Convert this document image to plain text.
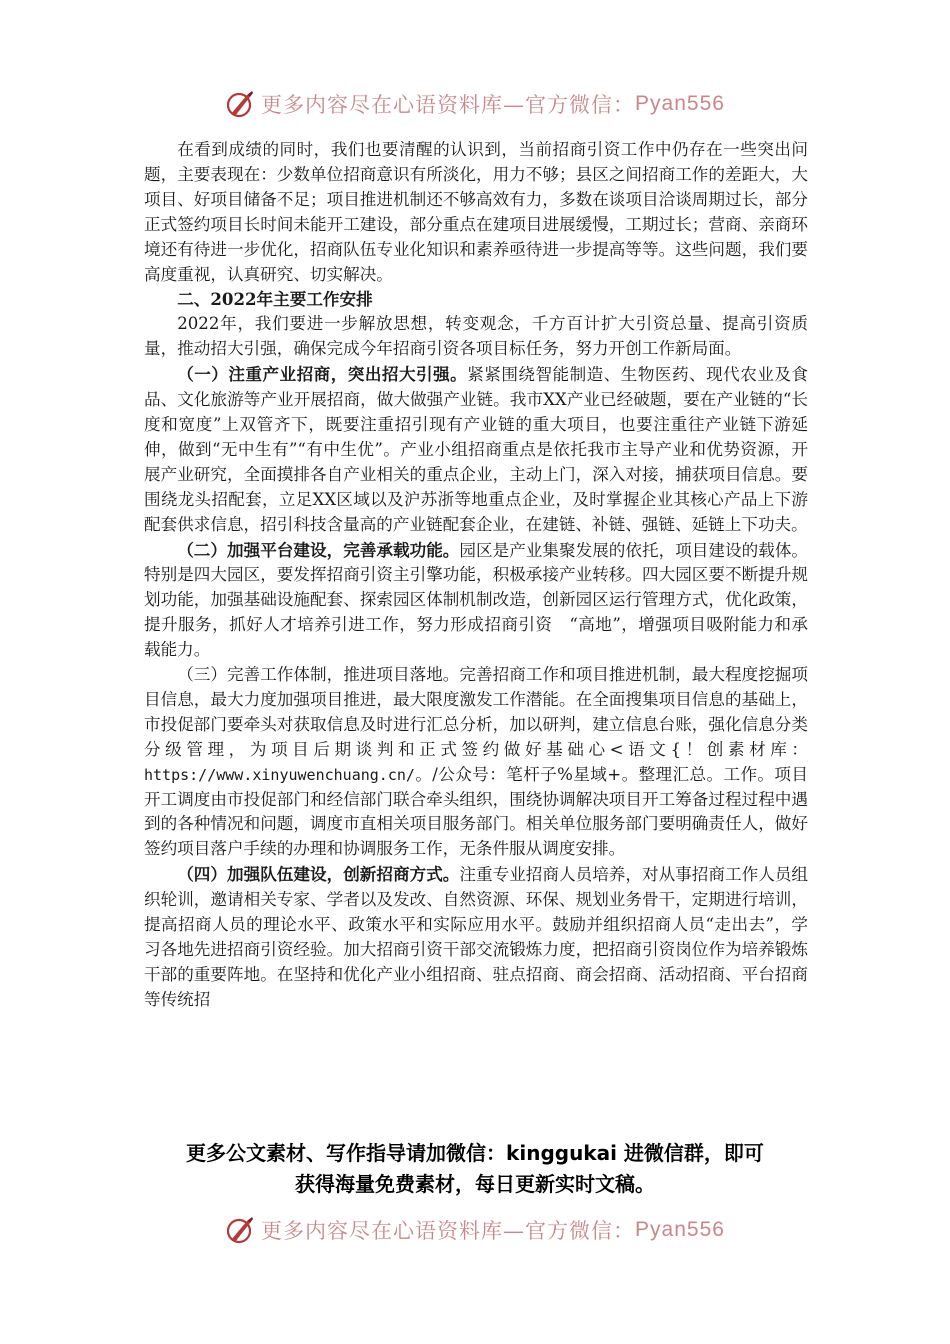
更多内容尽在心语资料库—官方微信： Pyan556

在看到成绩的同时，我们也要清醒的认识到，当前招商引资工作中仍存在一些突出问题，主要表现在：少数单位招商意识有所淡化，用力不够；县区之间招商工作的差距大，大项目、好项目储备不足；项目推进机制还不够高效有力，多数在谈项目洽谈周期过长，部分正式签约项目长时间未能开工建设，部分重点在建项目进展缓慢，工期过长；营商、亲商环境还有待进一步优化，招商队伍专业化知识和素养亟待进一步提高等等。这些问题，我们要高度重视，认真研究、切实解决。

二、2022年主要工作安排

2022年，我们要进一步解放思想，转变观念，千方百计扩大引资总量、提高引资质量，推动招大引强，确保完成今年招商引资各项目标任务，努力开创工作新局面。

（一）注重产业招商，突出招大引强。紧紧围绕智能制造、生物医药、现代农业及食品、文化旅游等产业开展招商，做大做强产业链。我市XX产业已经破题，要在产业链的“长度和宽度”上双管齐下，既要注重招引现有产业链的重大项目，也要注重往产业链下游延伸，做到“无中生有”“有中生优”。产业小组招商重点是依托我市主导产业和优势资源，开展产业研究，全面摸排各自产业相关的重点企业，主动上门，深入对接，捕获项目信息。要围绕龙头招配套，立足XX区域以及沪苏浙等地重点企业，及时掌握企业其核心产品上下游配套供求信息，招引科技含量高的产业链配套企业，在建链、补链、强链、延链上下功夫。

（二）加强平台建设，完善承载功能。园区是产业集聚发展的依托，项目建设的载体。特别是四大园区，要发挥招商引资主引擎功能，积极承接产业转移。四大园区要不断提升规划功能，加强基础设施配套、探索园区体制机制改造，创新园区运行管理方式，优化政策，提升服务，抓好人才培养引进工作，努力形成招商引资　“高地”，增强项目吸附能力和承载能力。

（三）完善工作体制，推进项目落地。完善招商工作和项目推进机制，最大程度挖掘项目信息，最大力度加强项目推进，最大限度激发工作潜能。在全面搜集项目信息的基础上，市投促部门要牵头对获取信息及时进行汇总分析，加以研判，建立信息台账，强化信息分类分级管理，为项目后期谈判和正式签约做好基础心<语文{！创素材库：https://www.xinyuwenchuang.cn/。/公众号：笔杆子%星域+。整理汇总。工作。项目开工调度由市投促部门和经信部门联合牵头组织，围绕协调解决项目开工筹备过程过程中遇到的各种情况和问题，调度市直相关项目服务部门。相关单位服务部门要明确责任人，做好签约项目落户手续的办理和协调服务工作，无条件服从调度安排。

（四）加强队伍建设，创新招商方式。注重专业招商人员培养，对从事招商工作人员组织轮训，邀请相关专家、学者以及发改、自然资源、环保、规划业务骨干，定期进行培训，提高招商人员的理论水平、政策水平和实际应用水平。鼓励并组织招商人员“走出去”，学习各地先进招商引资经验。加大招商引资干部交流锻炼力度，把招商引资岗位作为培养锻炼干部的重要阵地。在坚持和优化产业小组招商、驻点招商、商会招商、活动招商、平台招商等传统招

更多公文素材、写作指导请加微信：kinggukai 进微信群，即可
获得海量免费素材，每日更新实时文稿。
更多内容尽在心语资料库—官方微信： Pyan556
